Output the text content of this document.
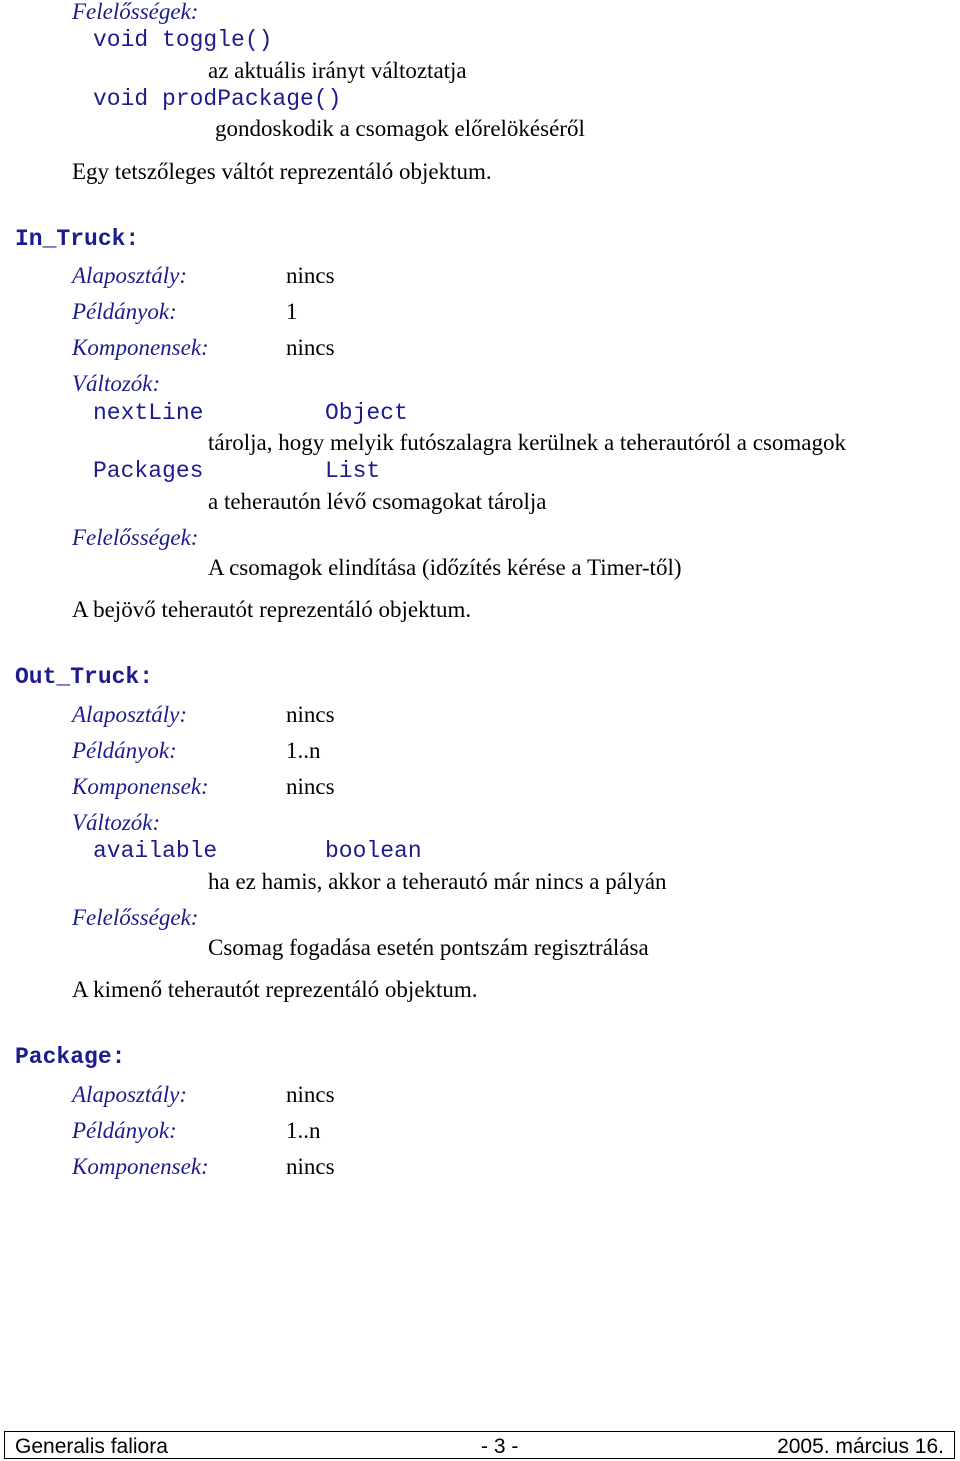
Felelősségek:
void toggle()
az aktuális irányt változtatja
void prodPackage()
gondoskodik a csomagok előrelökéséről
Egy tetszőleges váltót reprezentáló objektum.
In_Truck:
Alaposztály:	nincs
Példányok:	1
Komponensek:	nincs
Változók:
nextLine	Object
tárolja, hogy melyik futószalagra kerülnek a teherautóról a csomagok
Packages	List
a teherautón lévő csomagokat tárolja
Felelősségek:
A csomagok elindítása (időzítés kérése a Timer-től)
A bejövő teherautót reprezentáló objektum.
Out_Truck:
Alaposztály:	nincs
Példányok:	1..n
Komponensek:	nincs
Változók:
available	boolean
ha ez hamis, akkor a teherautó már nincs a pályán
Felelősségek:
Csomag fogadása esetén pontszám regisztrálása
A kimenő teherautót reprezentáló objektum.
Package:
Alaposztály:	nincs
Példányok:	1..n
Komponensek:	nincs
Generalis faliora	- 3 -	2005. március 16.
